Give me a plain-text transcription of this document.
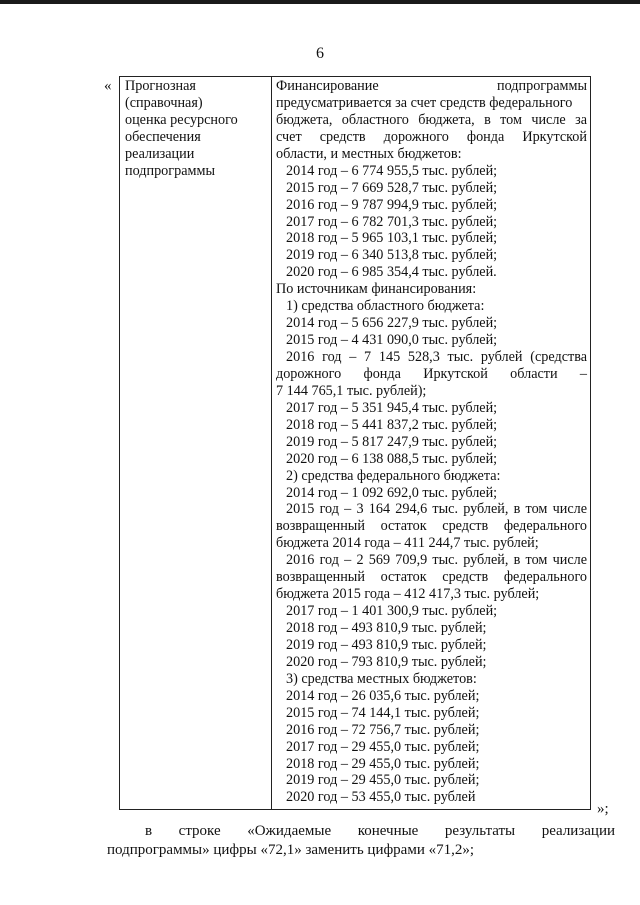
6
« Прогнозная
(справочная)
оценка ресурсного
обеспечения
реализации
подпрограммы

Финансирование подпрограммы
предусматривается за счет средств федерального
бюджета, областного бюджета, в том числе за
счет средств дорожного фонда Иркутской
области, и местных бюджетов:
2014 год – 6 774 955,5 тыс. рублей;
2015 год – 7 669 528,7 тыс. рублей;
2016 год – 9 787 994,9 тыс. рублей;
2017 год – 6 782 701,3 тыс. рублей;
2018 год – 5 965 103,1 тыс. рублей;
2019 год – 6 340 513,8 тыс. рублей;
2020 год – 6 985 354,4 тыс. рублей.
По источникам финансирования:
1) средства областного бюджета:
2014 год – 5 656 227,9 тыс. рублей;
2015 год – 4 431 090,0 тыс. рублей;
2016 год – 7 145 528,3 тыс. рублей (средства
дорожного фонда Иркутской области –
7 144 765,1 тыс. рублей);
2017 год – 5 351 945,4 тыс. рублей;
2018 год – 5 441 837,2 тыс. рублей;
2019 год – 5 817 247,9 тыс. рублей;
2020 год – 6 138 088,5 тыс. рублей;
2) средства федерального бюджета:
2014 год – 1 092 692,0 тыс. рублей;
2015 год – 3 164 294,6 тыс. рублей, в том числе
возвращенный остаток средств федерального
бюджета 2014 года – 411 244,7 тыс. рублей;
2016 год – 2 569 709,9 тыс. рублей, в том числе
возвращенный остаток средств федерального
бюджета 2015 года – 412 417,3 тыс. рублей;
2017 год – 1 401 300,9 тыс. рублей;
2018 год – 493 810,9 тыс. рублей;
2019 год – 493 810,9 тыс. рублей;
2020 год – 793 810,9 тыс. рублей;
3) средства местных бюджетов:
2014 год – 26 035,6 тыс. рублей;
2015 год – 74 144,1 тыс. рублей;
2016 год – 72 756,7 тыс. рублей;
2017 год – 29 455,0 тыс. рублей;
2018 год – 29 455,0 тыс. рублей;
2019 год – 29 455,0 тыс. рублей;
2020 год – 53 455,0 тыс. рублей
»;
в строке «Ожидаемые конечные результаты реализации
подпрограммы» цифры «72,1» заменить цифрами «71,2»;
